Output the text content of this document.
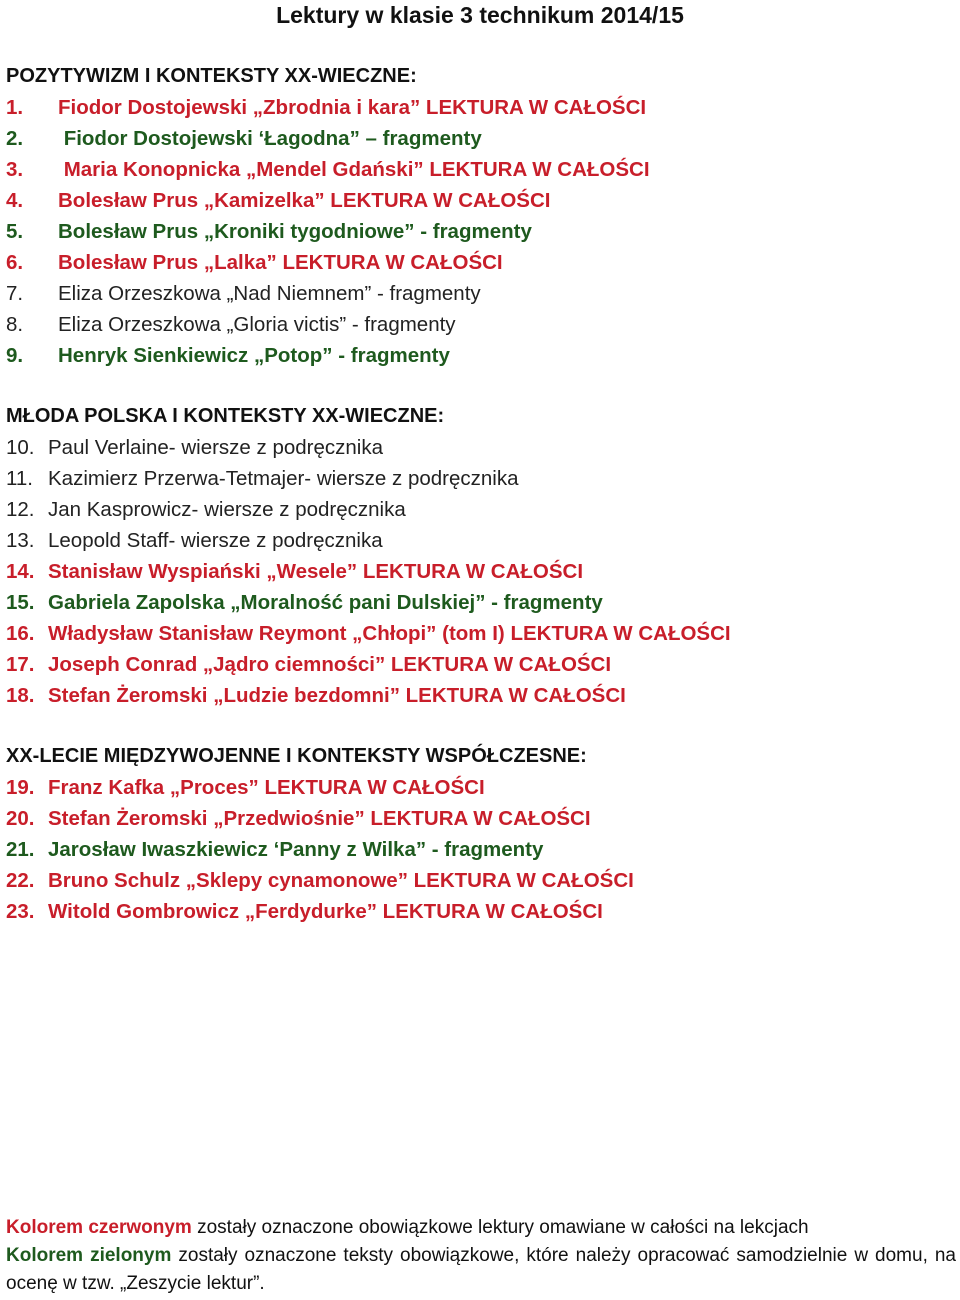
Lektury w klasie 3 technikum 2014/15
POZYTYWIZM I KONTEKSTY XX-WIECZNE:
1. Fiodor Dostojewski „Zbrodnia i kara” LEKTURA W CAŁOŚCI
2. Fiodor Dostojewski ‘Łagodna” – fragmenty
3. Maria Konopnicka „Mendel Gdański” LEKTURA W CAŁOŚCI
4. Bolesław Prus „Kamizelka” LEKTURA W CAŁOŚCI
5. Bolesław Prus „Kroniki tygodniowe” - fragmenty
6. Bolesław Prus „Lalka” LEKTURA W CAŁOŚCI
7. Eliza Orzeszkowa „Nad Niemnem” - fragmenty
8. Eliza Orzeszkowa „Gloria victis” - fragmenty
9. Henryk Sienkiewicz „Potop” - fragmenty
MŁODA POLSKA I KONTEKSTY XX-WIECZNE:
10. Paul Verlaine- wiersze z podręcznika
11. Kazimierz Przerwa-Tetmajer- wiersze z podręcznika
12. Jan Kasprowicz- wiersze z podręcznika
13. Leopold Staff- wiersze z podręcznika
14. Stanisław Wyspiański „Wesele” LEKTURA W CAŁOŚCI
15. Gabriela Zapolska „Moralność pani Dulskiej” - fragmenty
16. Władysław Stanisław Reymont „Chłopi” (tom I) LEKTURA W CAŁOŚCI
17. Joseph Conrad „Jądro ciemności” LEKTURA W CAŁOŚCI
18. Stefan Żeromski „Ludzie bezdomni” LEKTURA W CAŁOŚCI
XX-LECIE MIĘDZYWOJENNE I KONTEKSTY WSPÓŁCZESNE:
19. Franz Kafka „Proces” LEKTURA W CAŁOŚCI
20. Stefan Żeromski „Przedwiośnie” LEKTURA W CAŁOŚCI
21. Jarosław Iwaszkiewicz ‘Panny z Wilka” - fragmenty
22. Bruno Schulz „Sklepy cynamonowe” LEKTURA W CAŁOŚCI
23. Witold Gombrowicz „Ferdydurke” LEKTURA W CAŁOŚCI
Kolorem czerwonym zostały oznaczone obowiązkowe lektury omawiane w całości na lekcjach
Kolorem zielonym zostały oznaczone teksty obowiązkowe, które należy opracować samodzielnie w domu, na ocenę w tzw. „Zeszycie lektur”.
